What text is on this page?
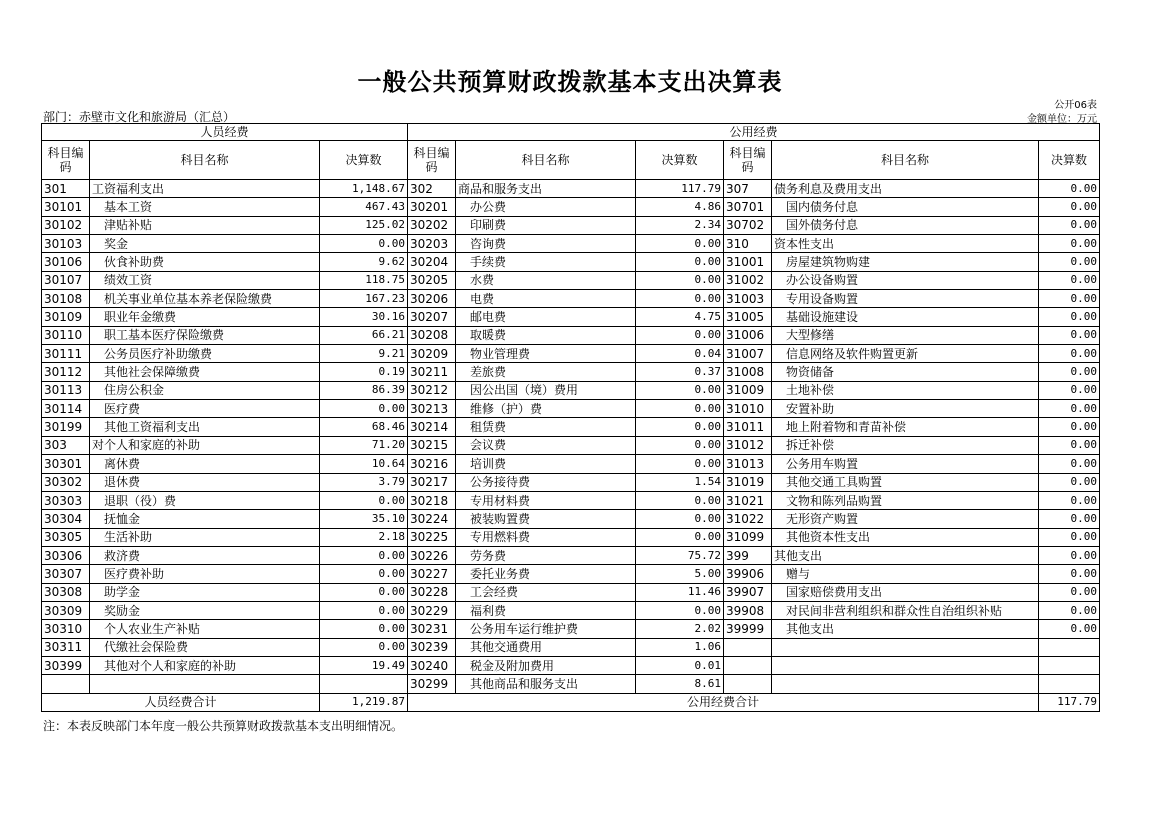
一般公共预算财政拨款基本支出决算表
部门：赤壁市文化和旅游局（汇总）
公开06表
金额单位：万元
人员经费			公用经费					
科目编码	科目名称	决算数	科目编码	科目名称	决算数	科目编码	科目名称	决算数
301	工资福利支出	1,148.67	302	商品和服务支出	117.79	307	债务利息及费用支出	0.00
30101	基本工资	467.43	30201	办公费	4.86	30701	国内债务付息	0.00
30102	津贴补贴	125.02	30202	印刷费	2.34	30702	国外债务付息	0.00
30103	奖金	0.00	30203	咨询费	0.00	310	资本性支出	0.00
30106	伙食补助费	9.62	30204	手续费	0.00	31001	房屋建筑物购建	0.00
30107	绩效工资	118.75	30205	水费	0.00	31002	办公设备购置	0.00
30108	机关事业单位基本养老保险缴费	167.23	30206	电费	0.00	31003	专用设备购置	0.00
30109	职业年金缴费	30.16	30207	邮电费	4.75	31005	基础设施建设	0.00
30110	职工基本医疗保险缴费	66.21	30208	取暖费	0.00	31006	大型修缮	0.00
30111	公务员医疗补助缴费	9.21	30209	物业管理费	0.04	31007	信息网络及软件购置更新	0.00
30112	其他社会保障缴费	0.19	30211	差旅费	0.37	31008	物资储备	0.00
30113	住房公积金	86.39	30212	因公出国（境）费用	0.00	31009	土地补偿	0.00
30114	医疗费	0.00	30213	维修（护）费	0.00	31010	安置补助	0.00
30199	其他工资福利支出	68.46	30214	租赁费	0.00	31011	地上附着物和青苗补偿	0.00
303	对个人和家庭的补助	71.20	30215	会议费	0.00	31012	拆迁补偿	0.00
30301	离休费	10.64	30216	培训费	0.00	31013	公务用车购置	0.00
30302	退休费	3.79	30217	公务接待费	1.54	31019	其他交通工具购置	0.00
30303	退职（役）费	0.00	30218	专用材料费	0.00	31021	文物和陈列品购置	0.00
30304	抚恤金	35.10	30224	被装购置费	0.00	31022	无形资产购置	0.00
30305	生活补助	2.18	30225	专用燃料费	0.00	31099	其他资本性支出	0.00
30306	救济费	0.00	30226	劳务费	75.72	399	其他支出	0.00
30307	医疗费补助	0.00	30227	委托业务费	5.00	39906	赠与	0.00
30308	助学金	0.00	30228	工会经费	11.46	39907	国家赔偿费用支出	0.00
30309	奖励金	0.00	30229	福利费	0.00	39908	对民间非营利组织和群众性自治组织补贴	0.00
30310	个人农业生产补贴	0.00	30231	公务用车运行维护费	2.02	39999	其他支出	0.00
30311	代缴社会保险费	0.00	30239	其他交通费用	1.06			
30399	其他对个人和家庭的补助	19.49	30240	税金及附加费用	0.01			
			30299	其他商品和服务支出	8.61			
人员经费合计		1,219.87	公用经费合计					117.79
注：本表反映部门本年度一般公共预算财政拨款基本支出明细情况。
